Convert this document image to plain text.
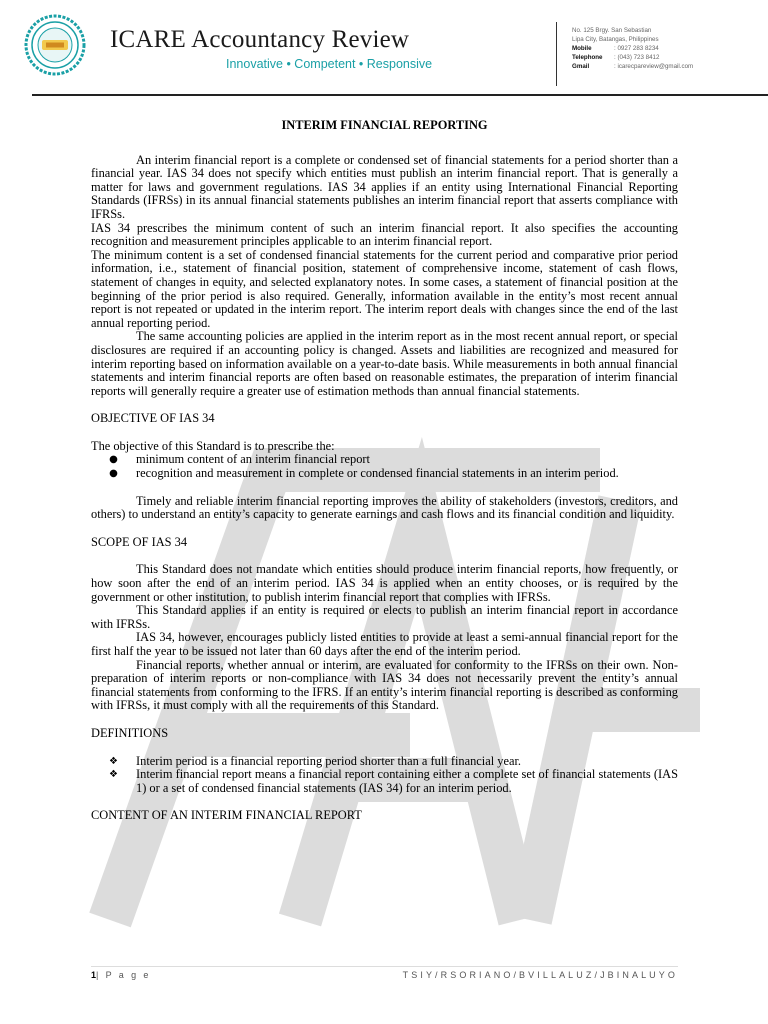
ICARE Accountancy Review
Innovative • Competent • Responsive
No. 125 Brgy. San Sebastian
Lipa City, Batangas, Philippines
Mobile	: 0927 283 8234
Telephone	: (043) 723 8412
Gmail	: icarecpareview@gmail.com
INTERIM FINANCIAL REPORTING

An interim financial report is a complete or condensed set of financial statements for a period shorter than a financial year. IAS 34 does not specify which entities must publish an interim financial report. That is generally a matter for laws and government regulations. IAS 34 applies if an entity using International Financial Reporting Standards (IFRSs) in its annual financial statements publishes an interim financial report that asserts compliance with IFRSs.

IAS 34 prescribes the minimum content of such an interim financial report. It also specifies the accounting recognition and measurement principles applicable to an interim financial report.

The minimum content is a set of condensed financial statements for the current period and comparative prior period information, i.e., statement of financial position, statement of comprehensive income, statement of cash flows, statement of changes in equity, and selected explanatory notes. In some cases, a statement of financial position at the beginning of the prior period is also required. Generally, information available in the entity’s most recent annual report is not repeated or updated in the interim report. The interim report deals with changes since the end of the last annual reporting period.

The same accounting policies are applied in the interim report as in the most recent annual report, or special disclosures are required if an accounting policy is changed. Assets and liabilities are recognized and measured for interim reporting based on information available on a year-to-date basis. While measurements in both annual financial statements and interim financial reports are often based on reasonable estimates, the preparation of interim financial reports will generally require a greater use of estimation methods than annual financial statements.

OBJECTIVE OF IAS 34

The objective of this Standard is to prescribe the:

●	minimum content of an interim financial report
●	recognition and measurement in complete or condensed financial statements in an interim period.

Timely and reliable interim financial reporting improves the ability of stakeholders (investors, creditors, and others) to understand an entity’s capacity to generate earnings and cash flows and its financial condition and liquidity.

SCOPE OF IAS 34

This Standard does not mandate which entities should produce interim financial reports, how frequently, or how soon after the end of an interim period. IAS 34 is applied when an entity chooses, or is required by the government or other institution, to publish interim financial report that complies with IFRSs.

This Standard applies if an entity is required or elects to publish an interim financial report in accordance with IFRSs.

IAS 34, however, encourages publicly listed entities to provide at least a semi-annual financial report for the first half the year to be issued not later than 60 days after the end of the interim period.

Financial reports, whether annual or interim, are evaluated for conformity to the IFRSs on their own. Non-preparation of interim reports or non-compliance with IAS 34 does not necessarily prevent the entity’s annual financial statements from conforming to the IFRS. If an entity’s interim financial reporting is described as conforming with IFRSs, it must comply with all the requirements of this Standard.

DEFINITIONS

❖	Interim period is a financial reporting period shorter than a full financial year.
❖	Interim financial report means a financial report containing either a complete set of financial statements (IAS 1) or a set of condensed financial statements (IAS 34) for an interim period.

CONTENT OF AN INTERIM FINANCIAL REPORT

1| P a g e	TSIY/RSORIANO/BVILLALUZ/JBINALUYO
